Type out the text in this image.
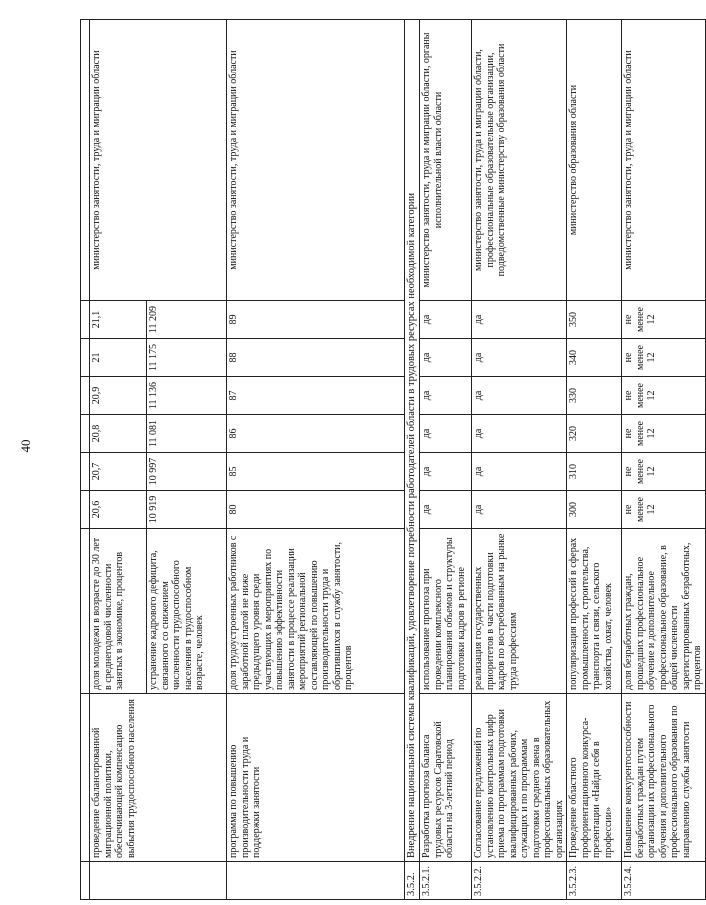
40

	проведение сбалансированной миграционной политики, обеспечивающей компенсацию выбытия трудоспособного населения	доля молодежи в возрасте до 30 лет в среднегодовой численности занятых в экономике, процентов	20,6	20,7	20,8	20,9	21	21,1	министерство занятости, труда и миграции области
		устранение кадрового дефицита, связанного со снижением численности трудоспособного населения в трудоспособном возрасте, человек	10 919	10 997	11 081	11 136	11 175	11 209	
	программа по повышению производительности труда и поддержки занятости	доля трудоустроенных работников с заработной платой не ниже предыдущего уровня среди участвующих в мероприятиях по повышению эффективности занятости в процессе реализации мероприятий региональной составляющей по повышению производительности труда и обратившихся в службу занятости, процентов	80	85	86	87	88	89	министерство занятости, труда и миграции области
3.5.2.	Внедрение национальной системы квалификаций, удовлетворение потребности работодателей области в трудовых ресурсах необходимой категории								
3.5.2.1.	Разработка прогноза баланса трудовых ресурсов Саратовской области на 3-летний период	использование прогноза при проведении комплексного планирования объемов и структуры подготовки кадров в регионе	да	да	да	да	да	да	министерство занятости, труда и миграции области, органы исполнительной власти области
3.5.2.2.	Согласование предложений по установлению контрольных цифр приема по программам подготовки квалифицированных рабочих, служащих и по программам подготовки среднего звена в профессиональных образовательных организациях	реализация государственных приоритетов в части подготовки кадров по востребованным на рынке труда профессиям	да	да	да	да	да	да	министерство занятости, труда и миграции области, профессиональные образовательные организации, подведомственные министерству образования области
3.5.2.3.	Проведение областного профориентационного конкурса-презентации «Найди себя в профессии»	популяризация профессий в сферах промышленности, строительства, транспорта и связи, сельского хозяйства, охват, человек	300	310	320	330	340	350	министерство образования области
3.5.2.4.	Повышение конкурентоспособности безработных граждан путем организации их профессионального обучения и дополнительного профессионального образования по направлению службы занятости	доля безработных граждан, прошедших профессиональное обучение и дополнительное профессиональное образование, в общей численности зарегистрированных безработных, процентов	не менее 12	не менее 12	не менее 12	не менее 12	не менее 12	не менее 12	министерство занятости, труда и миграции области
